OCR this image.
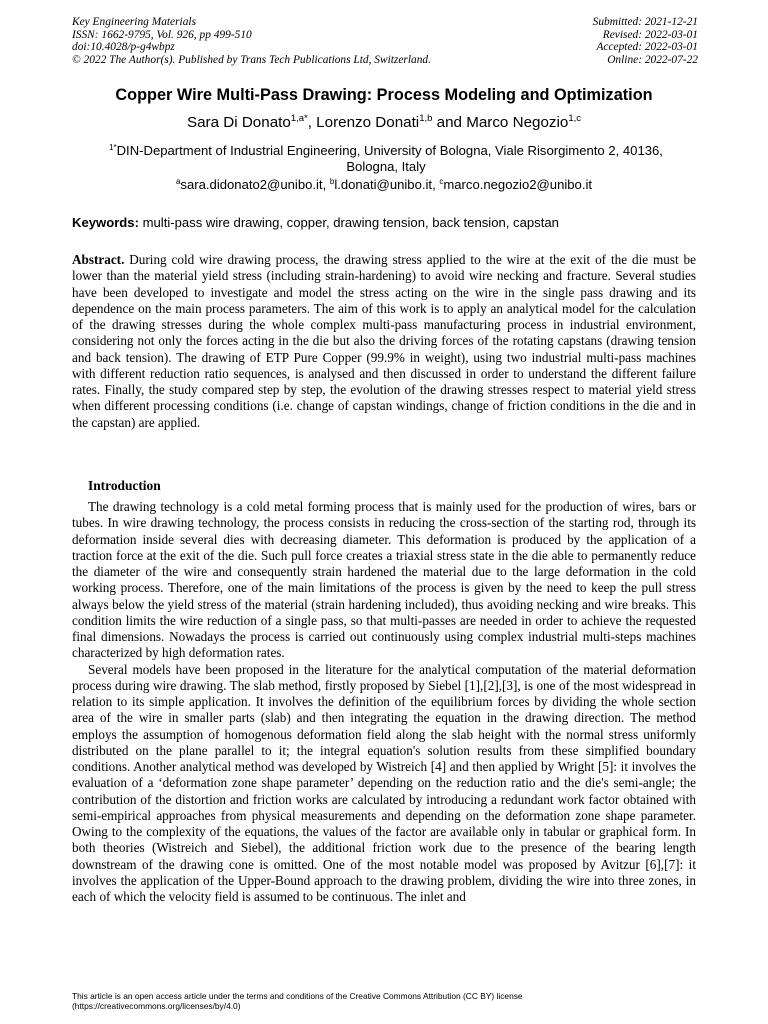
Key Engineering Materials
ISSN: 1662-9795, Vol. 926, pp 499-510
doi:10.4028/p-g4wbpz
© 2022 The Author(s). Published by Trans Tech Publications Ltd, Switzerland.
Submitted: 2021-12-21
Revised: 2022-03-01
Accepted: 2022-03-01
Online: 2022-07-22
Copper Wire Multi-Pass Drawing: Process Modeling and Optimization
Sara Di Donato$^{1,a*}$, Lorenzo Donati$^{1,b}$ and Marco Negozio$^{1,c}$
$^{1*}$DIN-Department of Industrial Engineering, University of Bologna, Viale Risorgimento 2, 40136, Bologna, Italy
$^a$sara.didonato2@unibo.it, $^b$l.donati@unibo.it, $^c$marco.negozio2@unibo.it
Keywords: multi-pass wire drawing, copper, drawing tension, back tension, capstan
Abstract. During cold wire drawing process, the drawing stress applied to the wire at the exit of the die must be lower than the material yield stress (including strain-hardening) to avoid wire necking and fracture. Several studies have been developed to investigate and model the stress acting on the wire in the single pass drawing and its dependence on the main process parameters. The aim of this work is to apply an analytical model for the calculation of the drawing stresses during the whole complex multi-pass manufacturing process in industrial environment, considering not only the forces acting in the die but also the driving forces of the rotating capstans (drawing tension and back tension). The drawing of ETP Pure Copper (99.9% in weight), using two industrial multi-pass machines with different reduction ratio sequences, is analysed and then discussed in order to understand the different failure rates. Finally, the study compared step by step, the evolution of the drawing stresses respect to material yield stress when different processing conditions (i.e. change of capstan windings, change of friction conditions in the die and in the capstan) are applied.
Introduction

The drawing technology is a cold metal forming process that is mainly used for the production of wires, bars or tubes. In wire drawing technology, the process consists in reducing the cross-section of the starting rod, through its deformation inside several dies with decreasing diameter. This deformation is produced by the application of a traction force at the exit of the die. Such pull force creates a triaxial stress state in the die able to permanently reduce the diameter of the wire and consequently strain hardened the material due to the large deformation in the cold working process. Therefore, one of the main limitations of the process is given by the need to keep the pull stress always below the yield stress of the material (strain hardening included), thus avoiding necking and wire breaks. This condition limits the wire reduction of a single pass, so that multi-passes are needed in order to achieve the requested final dimensions. Nowadays the process is carried out continuously using complex industrial multi-steps machines characterized by high deformation rates.

Several models have been proposed in the literature for the analytical computation of the material deformation process during wire drawing. The slab method, firstly proposed by Siebel [1],[2],[3], is one of the most widespread in relation to its simple application. It involves the definition of the equilibrium forces by dividing the whole section area of the wire in smaller parts (slab) and then integrating the equation in the drawing direction. The method employs the assumption of homogenous deformation field along the slab height with the normal stress uniformly distributed on the plane parallel to it; the integral equation's solution results from these simplified boundary conditions. Another analytical method was developed by Wistreich [4] and then applied by Wright [5]: it involves the evaluation of a ‘deformation zone shape parameter’ depending on the reduction ratio and the die's semi-angle; the contribution of the distortion and friction works are calculated by introducing a redundant work factor obtained with semi-empirical approaches from physical measurements and depending on the deformation zone shape parameter. Owing to the complexity of the equations, the values of the factor are available only in tabular or graphical form. In both theories (Wistreich and Siebel), the additional friction work due to the presence of the bearing length downstream of the drawing cone is omitted. One of the most notable model was proposed by Avitzur [6],[7]: it involves the application of the Upper-Bound approach to the drawing problem, dividing the wire into three zones, in each of which the velocity field is assumed to be continuous. The inlet and

This article is an open access article under the terms and conditions of the Creative Commons Attribution (CC BY) license
(https://creativecommons.org/licenses/by/4.0)
